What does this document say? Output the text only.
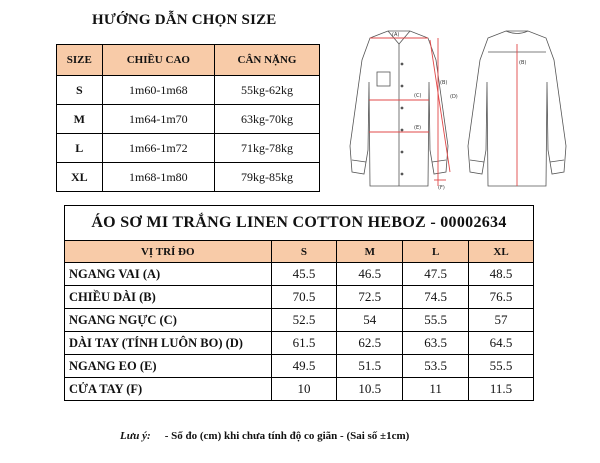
HƯỚNG DẪN CHỌN SIZE
SIZE	CHIỀU CAO	CÂN NẶNG
S	1m60-1m68	55kg-62kg
M	1m64-1m70	63kg-70kg
L	1m66-1m72	71kg-78kg
XL	1m68-1m80	79kg-85kg
(A)
(B)
(C)	(D)
(E)
(F)
(B)
ÁO SƠ MI TRẮNG LINEN COTTON HEBOZ - 00002634				
VỊ TRÍ ĐO	S	M	L	XL
NGANG VAI (A)	45.5	46.5	47.5	48.5
CHIỀU DÀI (B)	70.5	72.5	74.5	76.5
NGANG NGỰC (C)	52.5	54	55.5	57
DÀI TAY (TÍNH LUÔN BO) (D)	61.5	62.5	63.5	64.5
NGANG EO (E)	49.5	51.5	53.5	55.5
CỬA TAY (F)	10	10.5	11	11.5
Lưu ý: - Số đo (cm) khi chưa tính độ co giãn - (Sai số ±1cm)
